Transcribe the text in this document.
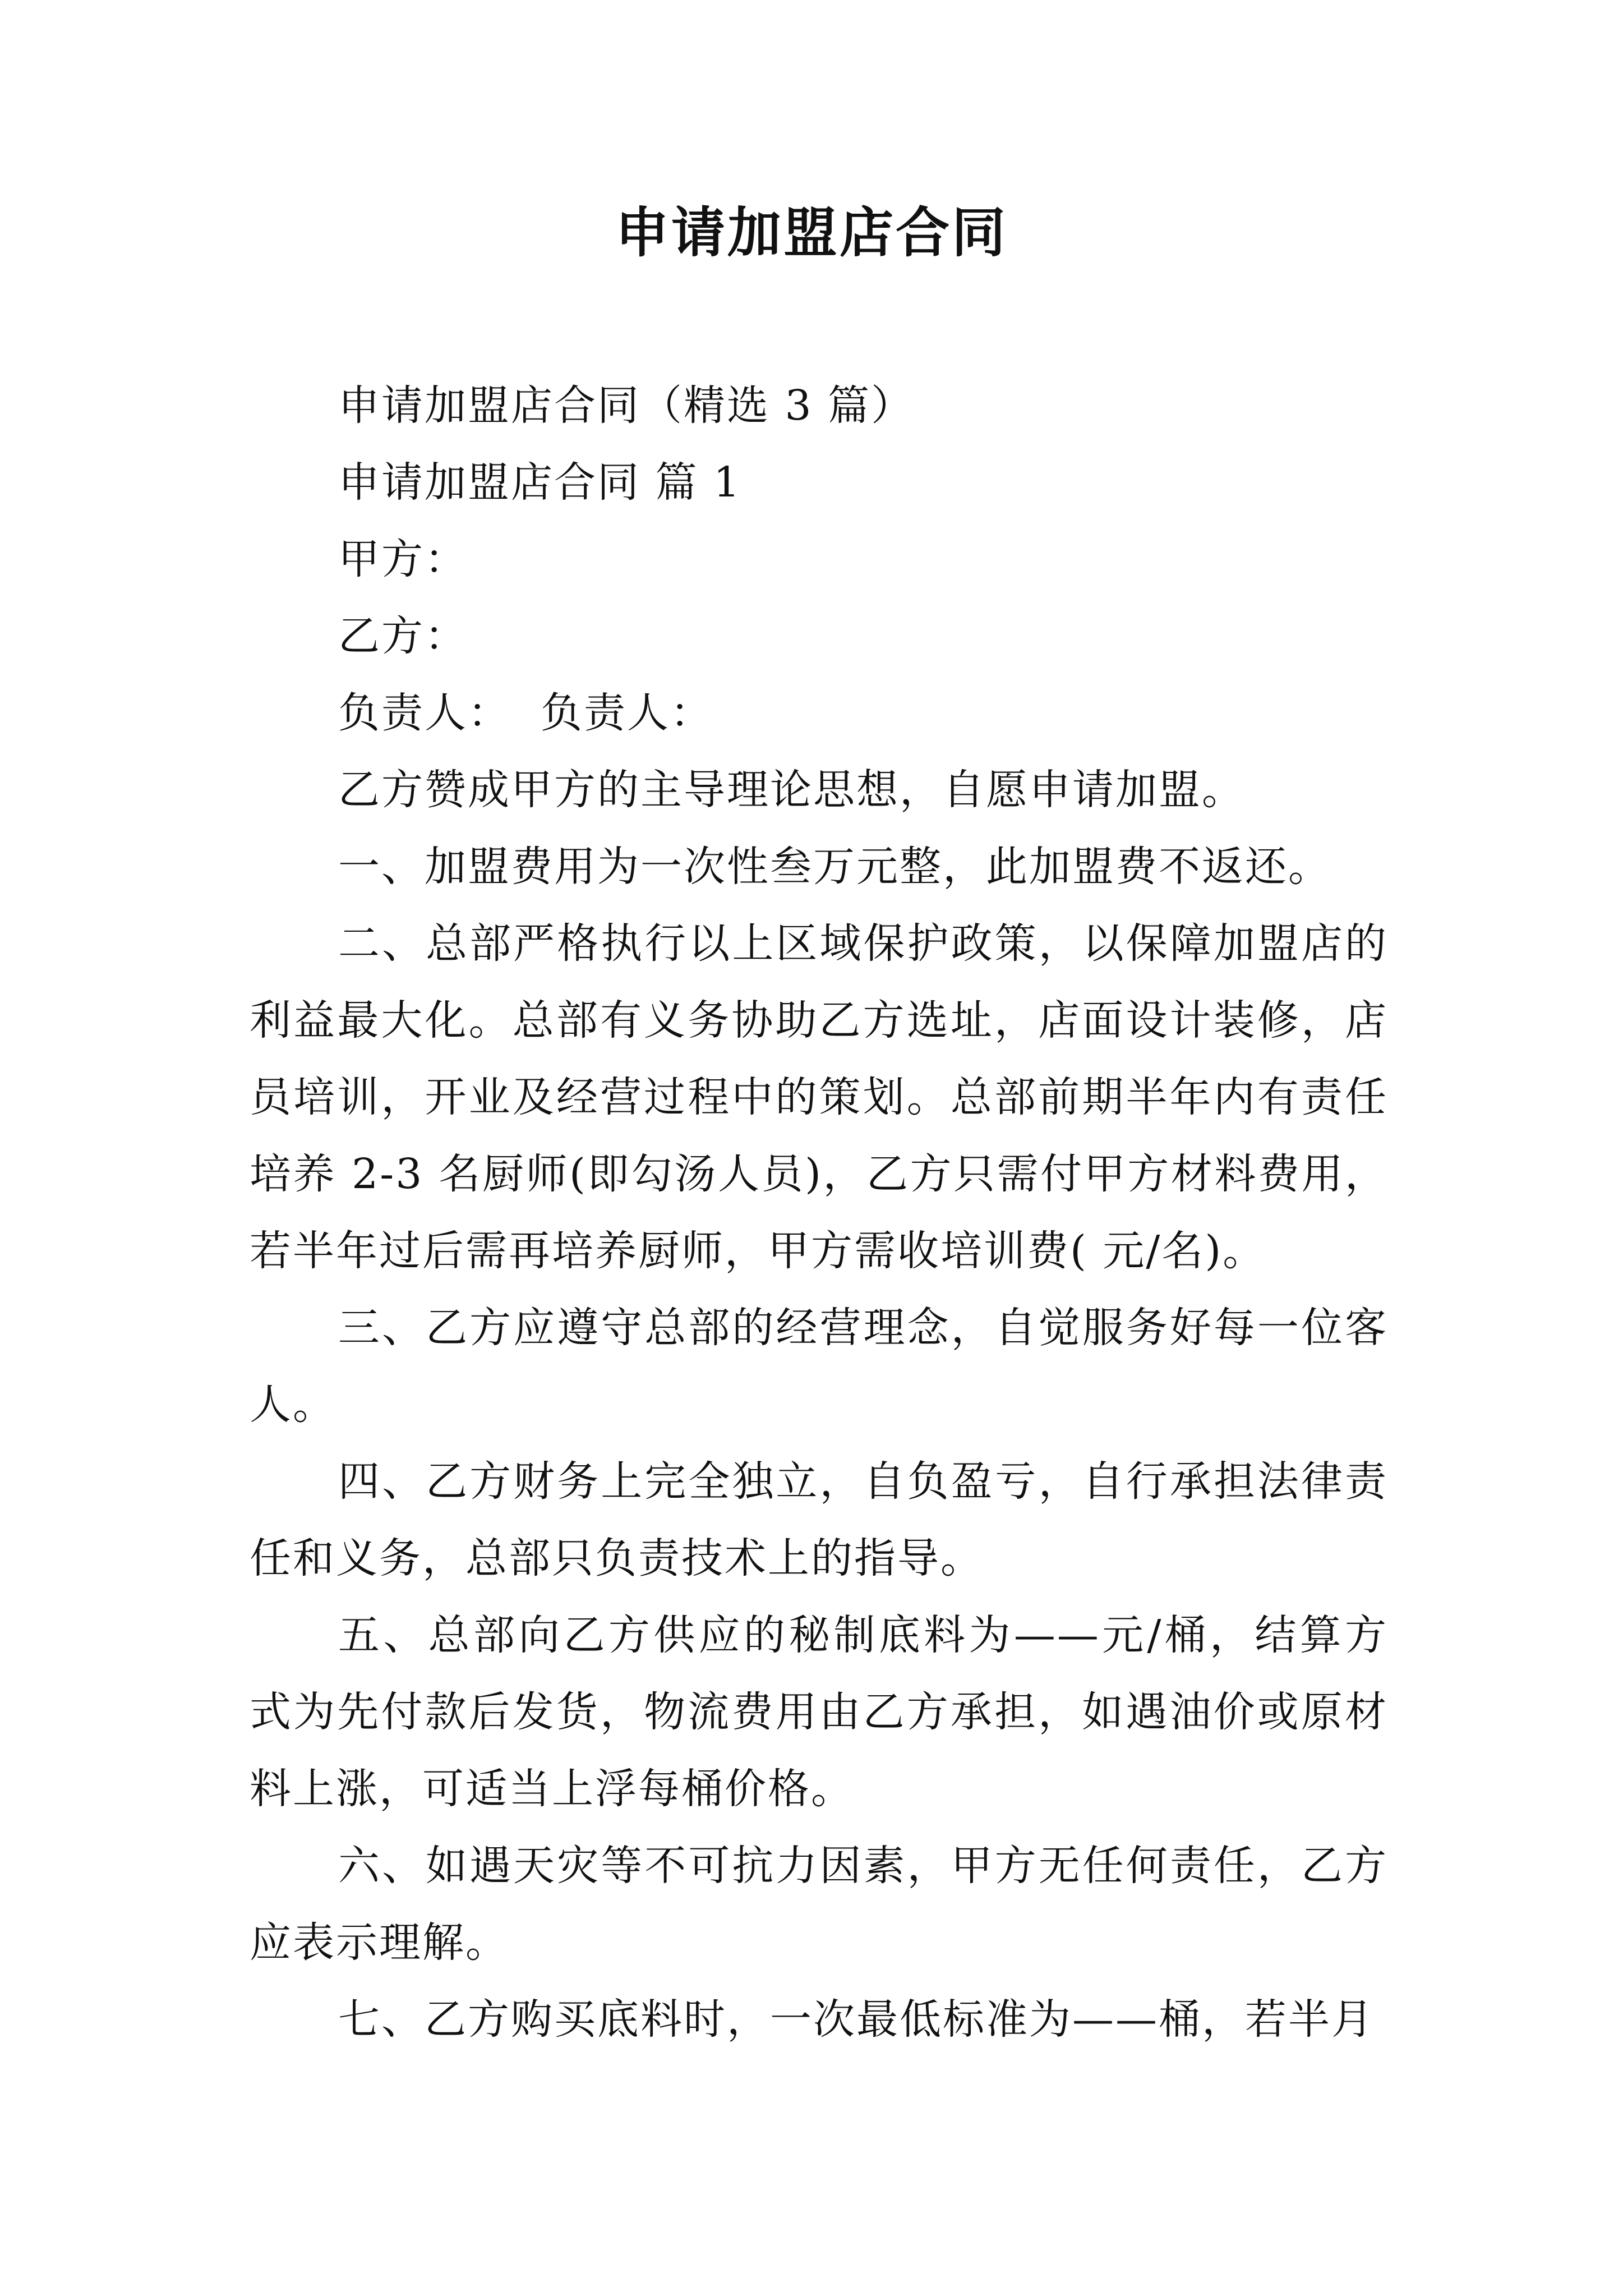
申请加盟店合同

申请加盟店合同（精选 3 篇）

申请加盟店合同 篇 1

甲方：

乙方：

负责人：  负责人：

乙方赞成甲方的主导理论思想，自愿申请加盟。

一、加盟费用为一次性叁万元整，此加盟费不返还。

二、总部严格执行以上区域保护政策，以保障加盟店的利益最大化。总部有义务协助乙方选址，店面设计装修，店员培训，开业及经营过程中的策划。总部前期半年内有责任培养 2-3 名厨师(即勾汤人员)，乙方只需付甲方材料费用，若半年过后需再培养厨师，甲方需收培训费( 元/名)。

三、乙方应遵守总部的经营理念，自觉服务好每一位客人。

四、乙方财务上完全独立，自负盈亏，自行承担法律责任和义务，总部只负责技术上的指导。

五、总部向乙方供应的秘制底料为——元/桶，结算方式为先付款后发货，物流费用由乙方承担，如遇油价或原材料上涨，可适当上浮每桶价格。

六、如遇天灾等不可抗力因素，甲方无任何责任，乙方应表示理解。

七、乙方购买底料时，一次最低标准为——桶，若半月
